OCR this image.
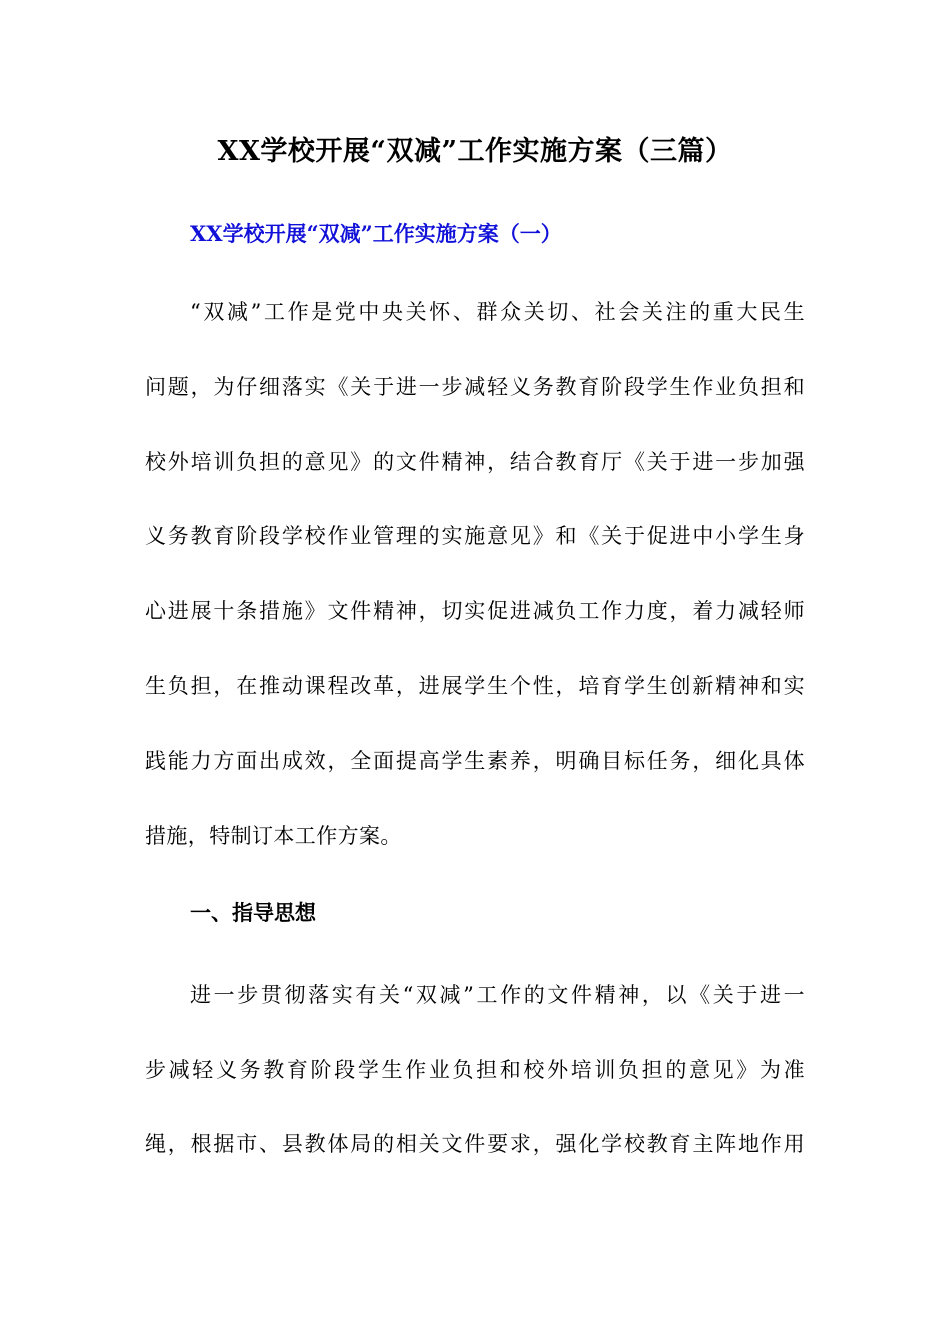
XX学校开展“双减”工作实施方案（三篇）
XX学校开展“双减”工作实施方案（一）

“双减”工作是党中央关怀、群众关切、社会关注的重大民生

问题，为仔细落实《关于进一步减轻义务教育阶段学生作业负担和

校外培训负担的意见》的文件精神，结合教育厅《关于进一步加强

义务教育阶段学校作业管理的实施意见》和《关于促进中小学生身

心进展十条措施》文件精神，切实促进减负工作力度，着力减轻师

生负担，在推动课程改革，进展学生个性，培育学生创新精神和实

践能力方面出成效，全面提高学生素养，明确目标任务，细化具体

措施，特制订本工作方案。

一、指导思想

进一步贯彻落实有关“双减”工作的文件精神，以《关于进一

步减轻义务教育阶段学生作业负担和校外培训负担的意见》为准

绳，根据市、县教体局的相关文件要求，强化学校教育主阵地作用
